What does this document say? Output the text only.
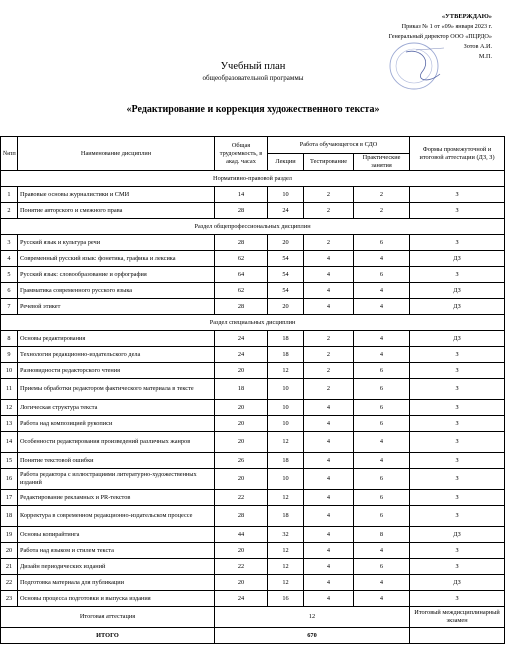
«УТВЕРЖДАЮ»
Приказ № 1 от «09» января 2023 г.
Генеральный директор ООО «ПЦРДО»
Зотов А.И.
М.П.
Учебный план
общеобразовательной программы
«Редактирование и коррекция художественного текста»
№пп	Наименование дисциплин	Общая трудоемкость, в акад. часах	Работа обучающегося в СДО			Формы промежуточной и итоговой аттестации (ДЗ, З)
			Лекции	Тестирование	Практические занятия	
Нормативно-правовой раздел						
1	Правовые основы журналистики и СМИ	14	10	2	2	З
2	Понятие авторского и смежного права	28	24	2	2	З
Раздел общепрофессиональных дисциплин						
3	Русский язык и культура речи	28	20	2	6	З
4	Современный русский язык: фонетика, графика и лексика	62	54	4	4	ДЗ
5	Русский язык: словообразование и орфография	64	54	4	6	З
6	Грамматика современного русского языка	62	54	4	4	ДЗ
7	Речевой этикет	28	20	4	4	ДЗ
Раздел специальных дисциплин						
8	Основы редактирования	24	18	2	4	ДЗ
9	Технология редакционно-издательского дела	24	18	2	4	З
10	Разновидности редакторского чтения	20	12	2	6	З
11	Приемы обработки редактором фактического материала в тексте	18	10	2	6	З
12	Логическая структура текста	20	10	4	6	З
13	Работа над композицией рукописи	20	10	4	6	З
14	Особенности редактирования произведений различных жанров	20	12	4	4	З
15	Понятие текстовой ошибки	26	18	4	4	З
16	Работа редактора с иллюстрациями литературно-художественных изданий	20	10	4	6	З
17	Редактирование рекламных и PR-текстов	22	12	4	6	З
18	Корректура в современном редакционно-издательском процессе	28	18	4	6	З
19	Основы копирайтинга	44	32	4	8	ДЗ
20	Работа над языком и стилем текста	20	12	4	4	З
21	Дизайн периодических изданий	22	12	4	6	З
22	Подготовка материала для публикации	20	12	4	4	ДЗ
23	Основы процесса подготовки и выпуска издания	24	16	4	4	З
Итоговая аттестация		12				Итоговый междисциплинарный экзамен
ИТОГО		670				
